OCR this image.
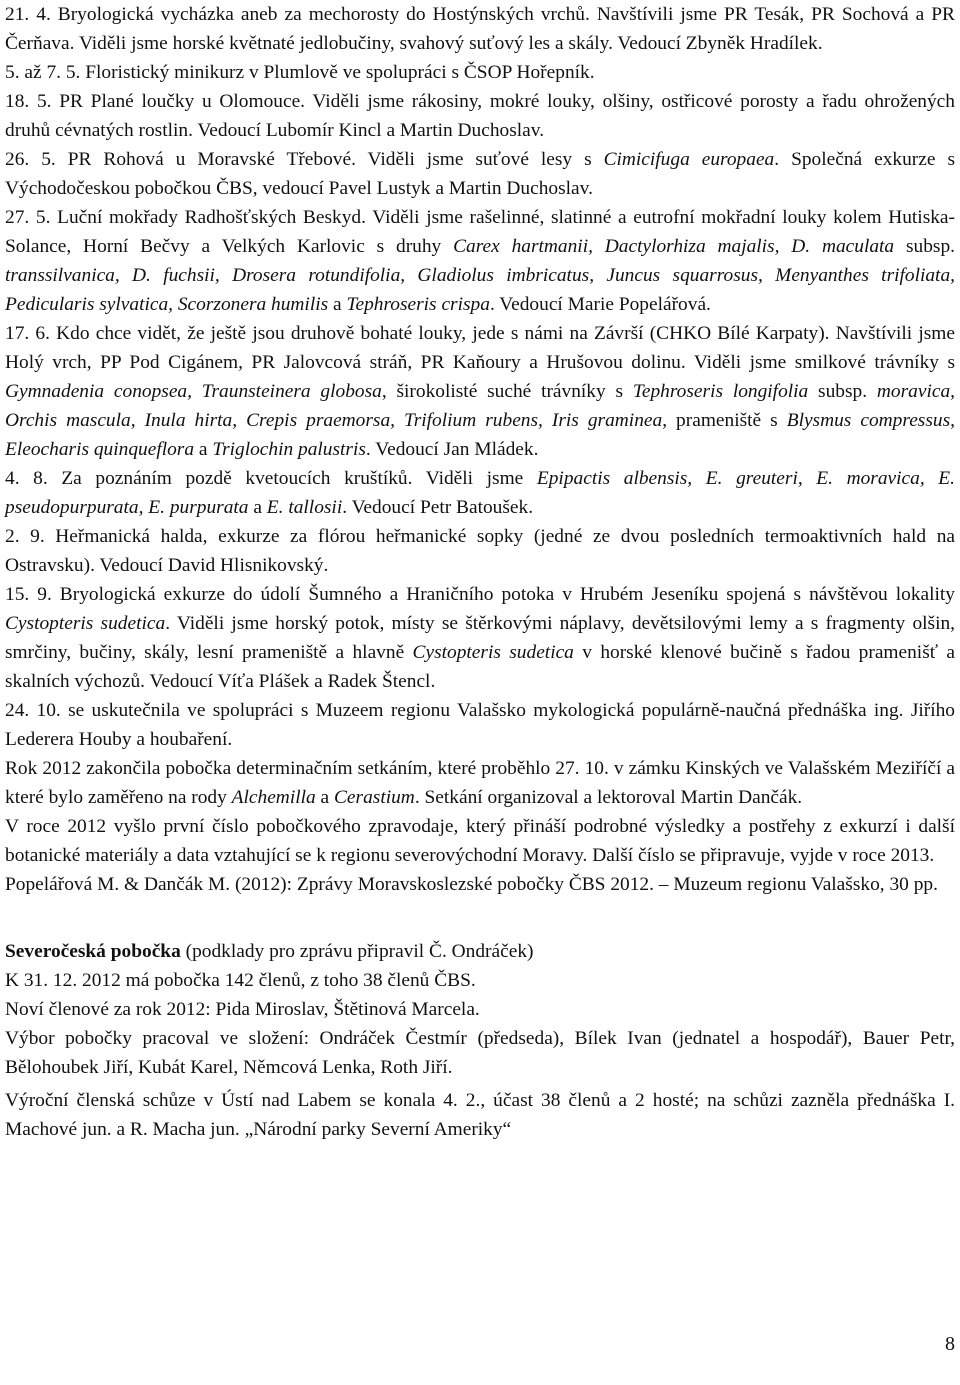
21. 4. Bryologická vycházka aneb za mechorosty do Hostýnských vrchů. Navštívili jsme PR Tesák, PR Sochová a PR Čerňava. Viděli jsme horské květnaté jedlobučiny, svahový suťový les a skály. Vedoucí Zbyněk Hradílek.

5. až 7. 5. Floristický minikurz v Plumlově ve spolupráci s ČSOP Hořepník.

18. 5. PR Plané loučky u Olomouce. Viděli jsme rákosiny, mokré louky, olšiny, ostřicové porosty a řadu ohrožených druhů cévnatých rostlin. Vedoucí Lubomír Kincl a Martin Duchoslav.

26. 5. PR Rohová u Moravské Třebové. Viděli jsme suťové lesy s Cimicifuga europaea. Společná exkurze s Východočeskou pobočkou ČBS, vedoucí Pavel Lustyk a Martin Duchoslav.

27. 5. Luční mokřady Radhošťských Beskyd. Viděli jsme rašelinné, slatinné a eutrofní mokřadní louky kolem Hutiska-Solance, Horní Bečvy a Velkých Karlovic s druhy Carex hartmanii, Dactylorhiza majalis, D. maculata subsp. transsilvanica, D. fuchsii, Drosera rotundifolia, Gladiolus imbricatus, Juncus squarrosus, Menyanthes trifoliata, Pedicularis sylvatica, Scorzonera humilis a Tephroseris crispa. Vedoucí Marie Popelářová.

17. 6. Kdo chce vidět, že ještě jsou druhově bohaté louky, jede s námi na Závrší (CHKO Bílé Karpaty). Navštívili jsme Holý vrch, PP Pod Cigánem, PR Jalovcová stráň, PR Kaňoury a Hrušovou dolinu. Viděli jsme smilkové trávníky s Gymnadenia conopsea, Traunsteinera globosa, širokolisté suché trávníky s Tephroseris longifolia subsp. moravica, Orchis mascula, Inula hirta, Crepis praemorsa, Trifolium rubens, Iris graminea, prameniště s Blysmus compressus, Eleocharis quinqueflora a Triglochin palustris. Vedoucí Jan Mládek.

4. 8. Za poznáním pozdě kvetoucích kruštíků. Viděli jsme Epipactis albensis, E. greuteri, E. moravica, E. pseudopurpurata, E. purpurata a E. tallosii. Vedoucí Petr Batoušek.

2. 9. Heřmanická halda, exkurze za flórou heřmanické sopky (jedné ze dvou posledních termoaktivních hald na Ostravsku). Vedoucí David Hlisnikovský.

15. 9. Bryologická exkurze do údolí Šumného a Hraničního potoka v Hrubém Jeseníku spojená s návštěvou lokality Cystopteris sudetica. Viděli jsme horský potok, místy se štěrkovými náplavy, devětsilovými lemy a s fragmenty olšin, smrčiny, bučiny, skály, lesní prameniště a hlavně Cystopteris sudetica v horské klenové bučině s řadou pramenišť a skalních výchozů. Vedoucí Víťa Plášek a Radek Štencl.

24. 10. se uskutečnila ve spolupráci s Muzeem regionu Valašsko mykologická populárně-naučná přednáška ing. Jiřího Lederera Houby a houbaření.

Rok 2012 zakončila pobočka determinačním setkáním, které proběhlo 27. 10. v zámku Kinských ve Valašském Meziříčí a které bylo zaměřeno na rody Alchemilla a Cerastium. Setkání organizoval a lektoroval Martin Dančák.

V roce 2012 vyšlo první číslo pobočkového zpravodaje, který přináší podrobné výsledky a postřehy z exkurzí i další botanické materiály a data vztahující se k regionu severovýchodní Moravy. Další číslo se připravuje, vyjde v roce 2013.

Popelářová M. & Dančák M. (2012): Zprávy Moravskoslezské pobočky ČBS 2012. – Muzeum regionu Valašsko, 30 pp.

Severočeská pobočka (podklady pro zprávu připravil Č. Ondráček)

K 31. 12. 2012 má pobočka 142 členů, z toho 38 členů ČBS.

Noví členové za rok 2012: Pida Miroslav, Štětinová Marcela.

Výbor pobočky pracoval ve složení: Ondráček Čestmír (předseda), Bílek Ivan (jednatel a hospodář), Bauer Petr, Bělohoubek Jiří, Kubát Karel, Němcová Lenka, Roth Jiří.

Výroční členská schůze v Ústí nad Labem se konala 4. 2., účast 38 členů a 2 hosté; na schůzi zazněla přednáška I. Machové jun. a R. Macha jun. „Národní parky Severní Ameriky“

8
